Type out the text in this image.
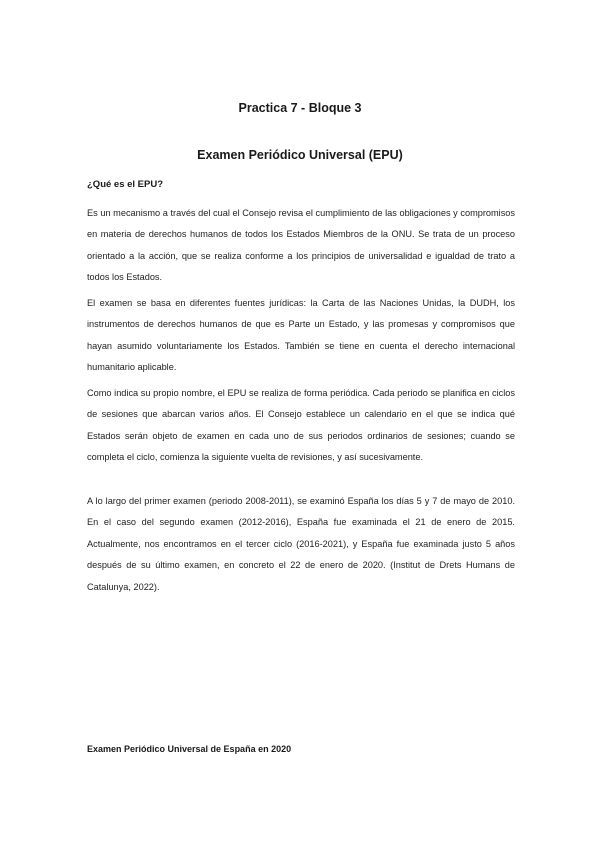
Practica 7 - Bloque 3
Examen Periódico Universal (EPU)
¿Qué es el EPU?
Es un mecanismo a través del cual el Consejo revisa el cumplimiento de las obligaciones y compromisos en materia de derechos humanos de todos los Estados Miembros de la ONU. Se trata de un proceso orientado a la acción, que se realiza conforme a los principios de universalidad e igualdad de trato a todos los Estados.
El examen se basa en diferentes fuentes jurídicas: la Carta de las Naciones Unidas, la DUDH, los instrumentos de derechos humanos de que es Parte un Estado, y las promesas y compromisos que hayan asumido voluntariamente los Estados. También se tiene en cuenta el derecho internacional humanitario aplicable.
Como indica su propio nombre, el EPU se realiza de forma periódica. Cada periodo se planifica en ciclos de sesiones que abarcan varios años. El Consejo establece un calendario en el que se indica qué Estados serán objeto de examen en cada uno de sus periodos ordinarios de sesiones; cuando se completa el ciclo, comienza la siguiente vuelta de revisiones, y así sucesivamente.
A lo largo del primer examen (periodo 2008-2011), se examinó España los días 5 y 7 de mayo de 2010. En el caso del segundo examen (2012-2016), España fue examinada el 21 de enero de 2015. Actualmente, nos encontramos en el tercer ciclo (2016-2021), y España fue examinada justo 5 años después de su último examen, en concreto el 22 de enero de 2020. (Institut de Drets Humans de Catalunya, 2022).
Examen Periódico Universal de España en 2020
